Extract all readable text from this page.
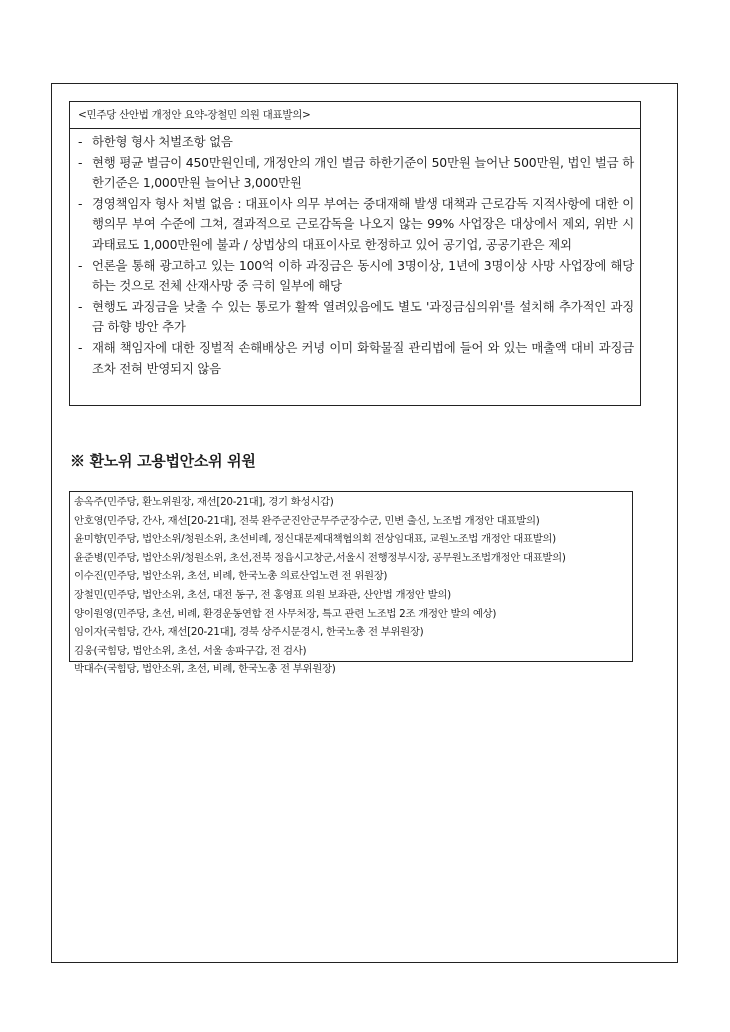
<민주당 산안법 개정안 요약-장철민 의원 대표발의>
- 하한형 형사 처벌조항 없음
- 현행 평균 벌금이 450만원인데, 개정안의 개인 벌금 하한기준이 50만원 늘어난 500만원, 법인 벌금 하한기준은 1,000만원 늘어난 3,000만원
- 경영책임자 형사 처벌 없음 : 대표이사 의무 부여는 중대재해 발생 대책과 근로감독 지적사항에 대한 이행의무 부여 수준에 그쳐, 결과적으로 근로감독을 나오지 않는 99% 사업장은 대상에서 제외, 위반 시 과태료도 1,000만원에 불과 / 상법상의 대표이사로 한정하고 있어 공기업, 공공기관은 제외
- 언론을 통해 광고하고 있는 100억 이하 과징금은 동시에 3명이상, 1년에 3명이상 사망 사업장에 해당하는 것으로 전체 산재사망 중 극히 일부에 해당
- 현행도 과징금을 낮출 수 있는 통로가 활짝 열려있음에도 별도 '과징금심의위'를 설치해 추가적인 과징금 하향 방안 추가
- 재해 책임자에 대한 징벌적 손해배상은 커녕 이미 화학물질 관리법에 들어 와 있는 매출액 대비 과징금조차 전혀 반영되지 않음
※ 환노위 고용법안소위 위원
송옥주(민주당, 환노위원장, 재선[20-21대], 경기 화성시갑)
안호영(민주당, 간사, 재선[20-21대], 전북 완주군진안군무주군장수군, 민변 출신, 노조법 개정안 대표발의)
윤미향(민주당, 법안소위/청원소위, 초선비례, 정신대문제대책협의회 전상임대표, 교원노조법 개정안 대표발의)
윤준병(민주당, 법안소위/청원소위, 초선,전북 정읍시고창군,서울시 전행정부시장, 공무원노조법개정안 대표발의)
이수진(민주당, 법안소위, 초선, 비례, 한국노총 의료산업노련 전 위원장)
장철민(민주당, 법안소위, 초선, 대전 동구, 전 홍영표 의원 보좌관, 산안법 개정안 발의)
양이원영(민주당, 초선, 비례, 환경운동연합 전 사무처장, 특고 관련 노조법 2조 개정안 발의 예상)
임이자(국힘당, 간사, 재선[20-21대], 경북 상주시문경시, 한국노총 전 부위원장)
김웅(국힘당, 법안소위, 초선, 서울 송파구갑, 전 검사)
박대수(국힘당, 법안소위, 초선, 비례, 한국노총 전 부위원장)
